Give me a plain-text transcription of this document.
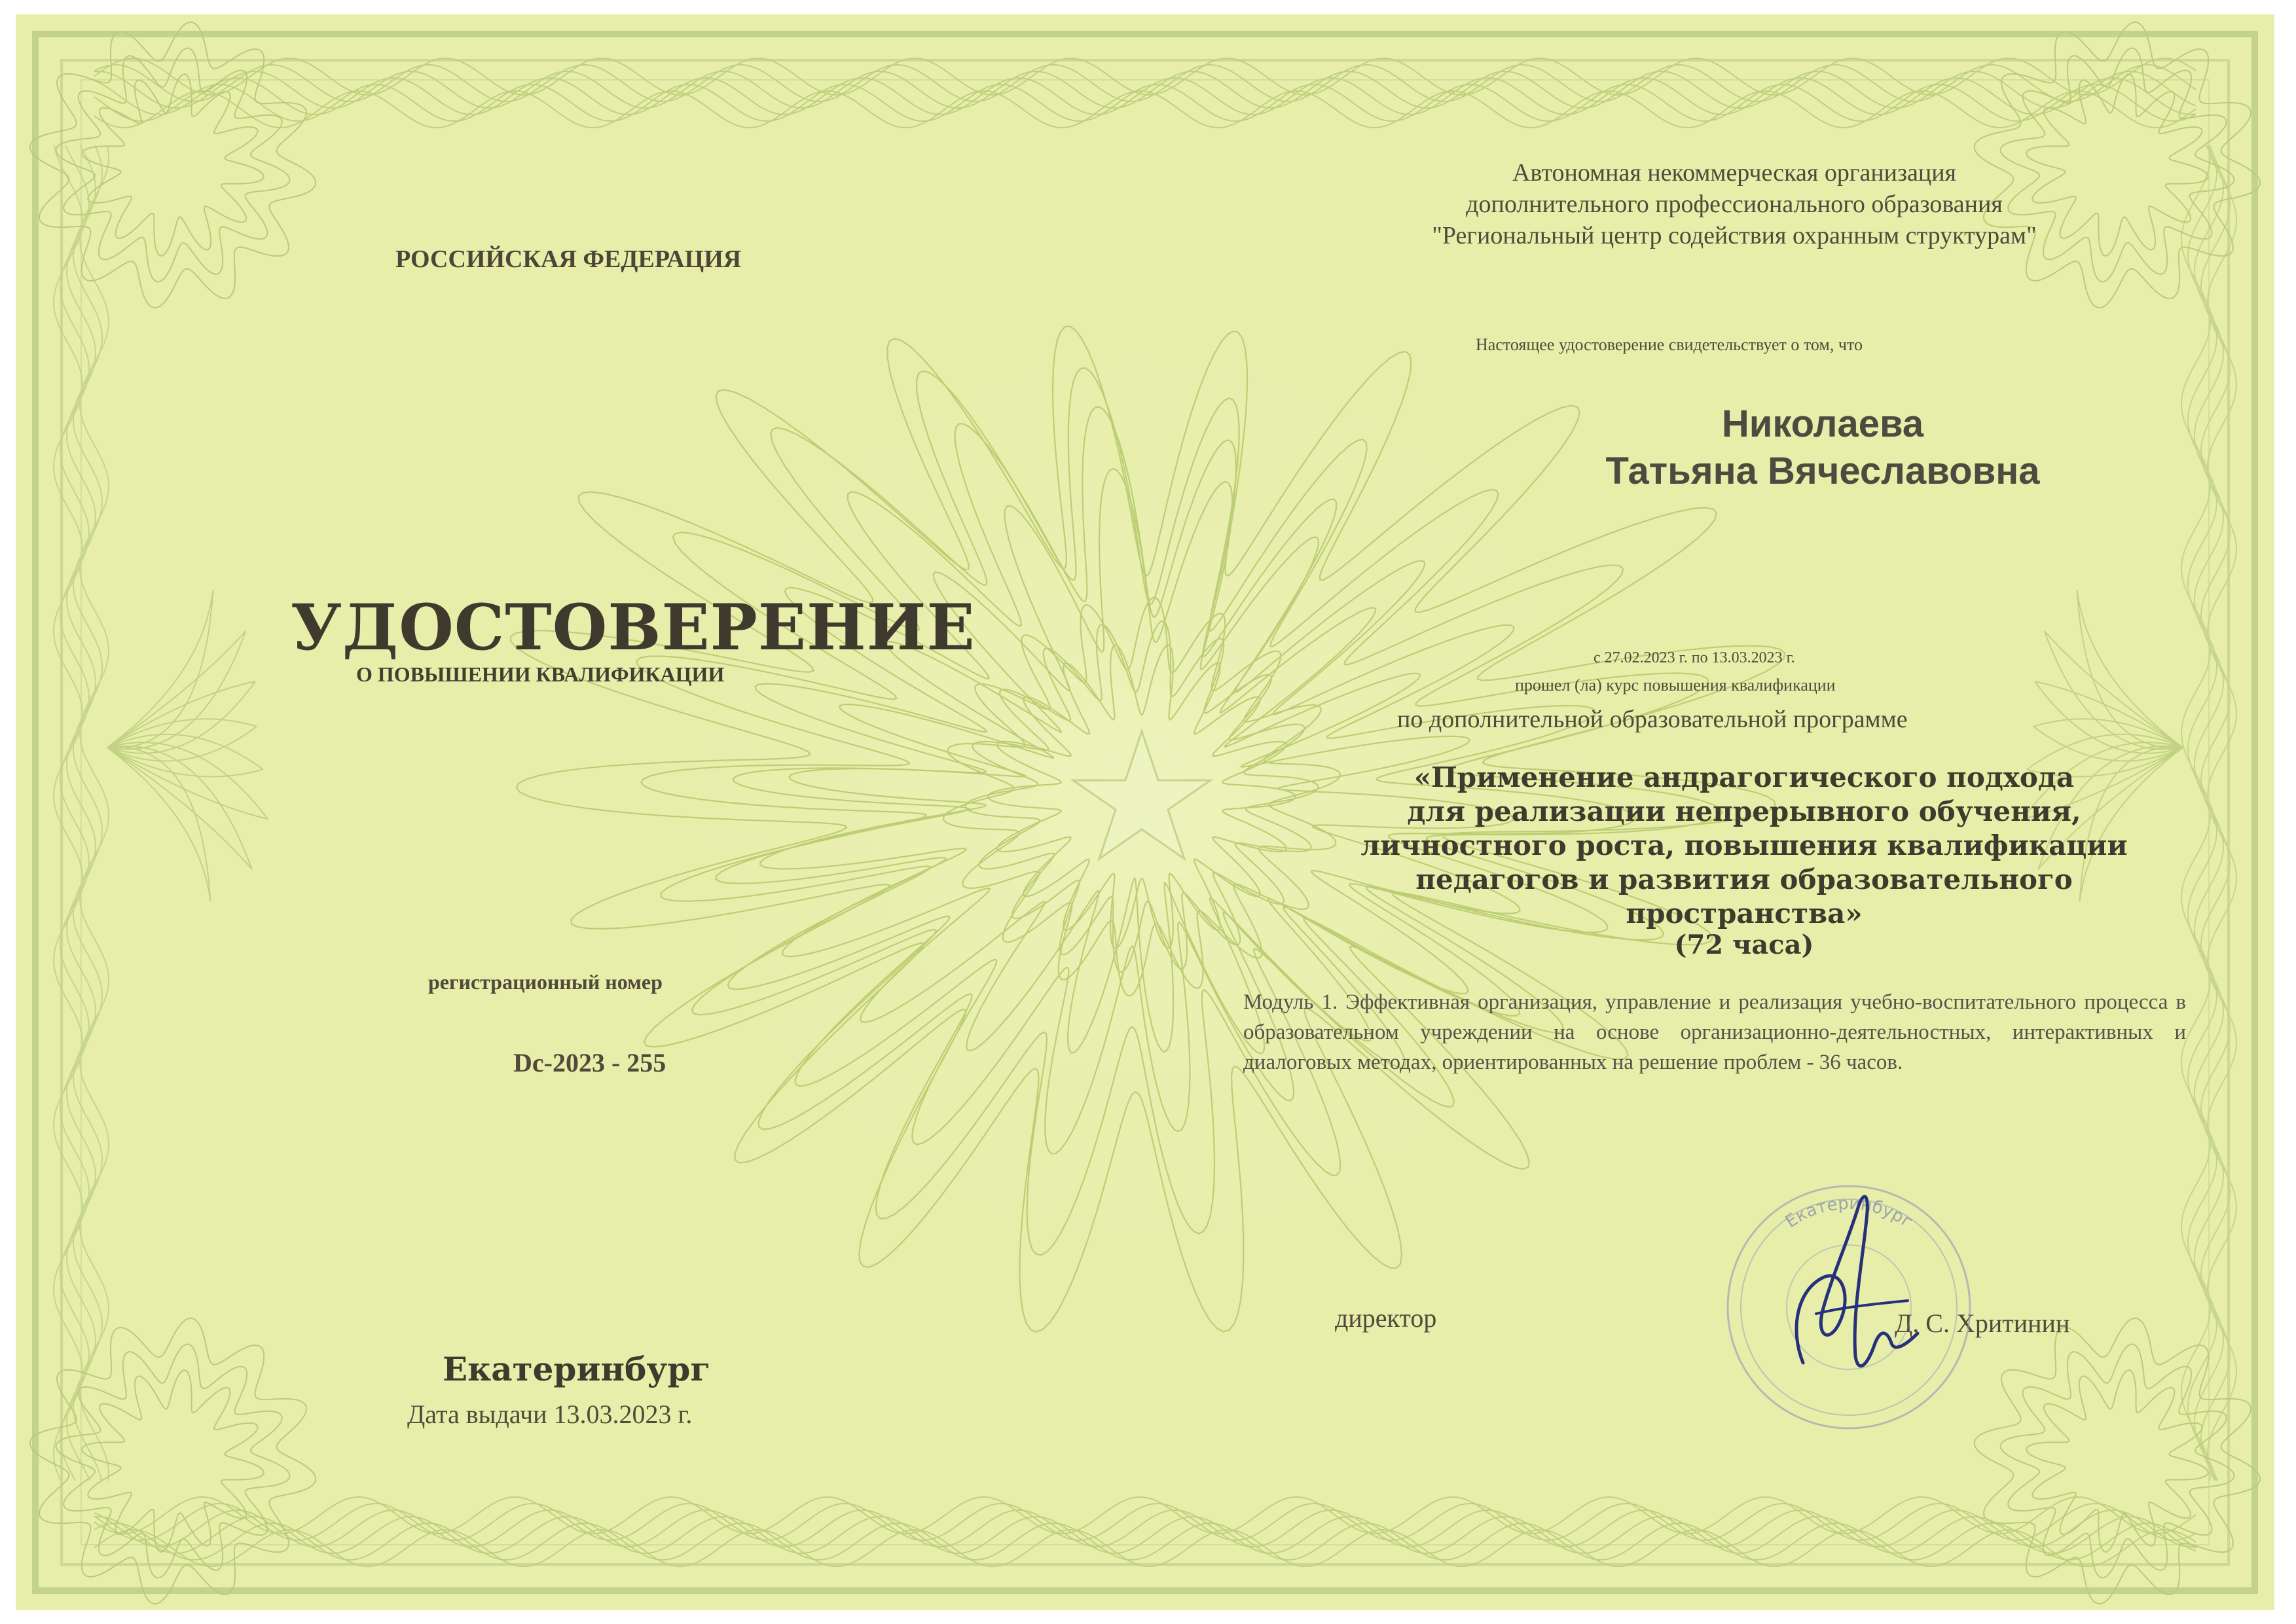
Автономная некоммерческая организация
дополнительного профессионального образования
"Региональный центр содействия охранным структурам"
РОССИЙСКАЯ ФЕДЕРАЦИЯ
Настоящее удостоверение свидетельствует о том, что
Николаева
Татьяна Вячеславовна
УДОСТОВЕРЕНИЕ
О ПОВЫШЕНИИ КВАЛИФИКАЦИИ
с 27.02.2023 г. по 13.03.2023 г.
прошел (ла) курс повышения квалификации
по дополнительной образовательной программе
«Применение андрагогического подхода
для реализации непрерывного обучения,
личностного роста, повышения квалификации
педагогов и развития образовательного
пространства»
(72 часа)
регистрационный номер
Dc-2023 - 255
Модуль 1. Эффективная организация, управление и реализация учебно-воспитательного процесса в образовательном учреждении на основе организационно-деятельностных, интерактивных и диалоговых методах, ориентированных на решение проблем - 36 часов.
директор	Д. С. Хритинин
Екатеринбург
Дата выдачи 13.03.2023 г.
Екатеринбург
